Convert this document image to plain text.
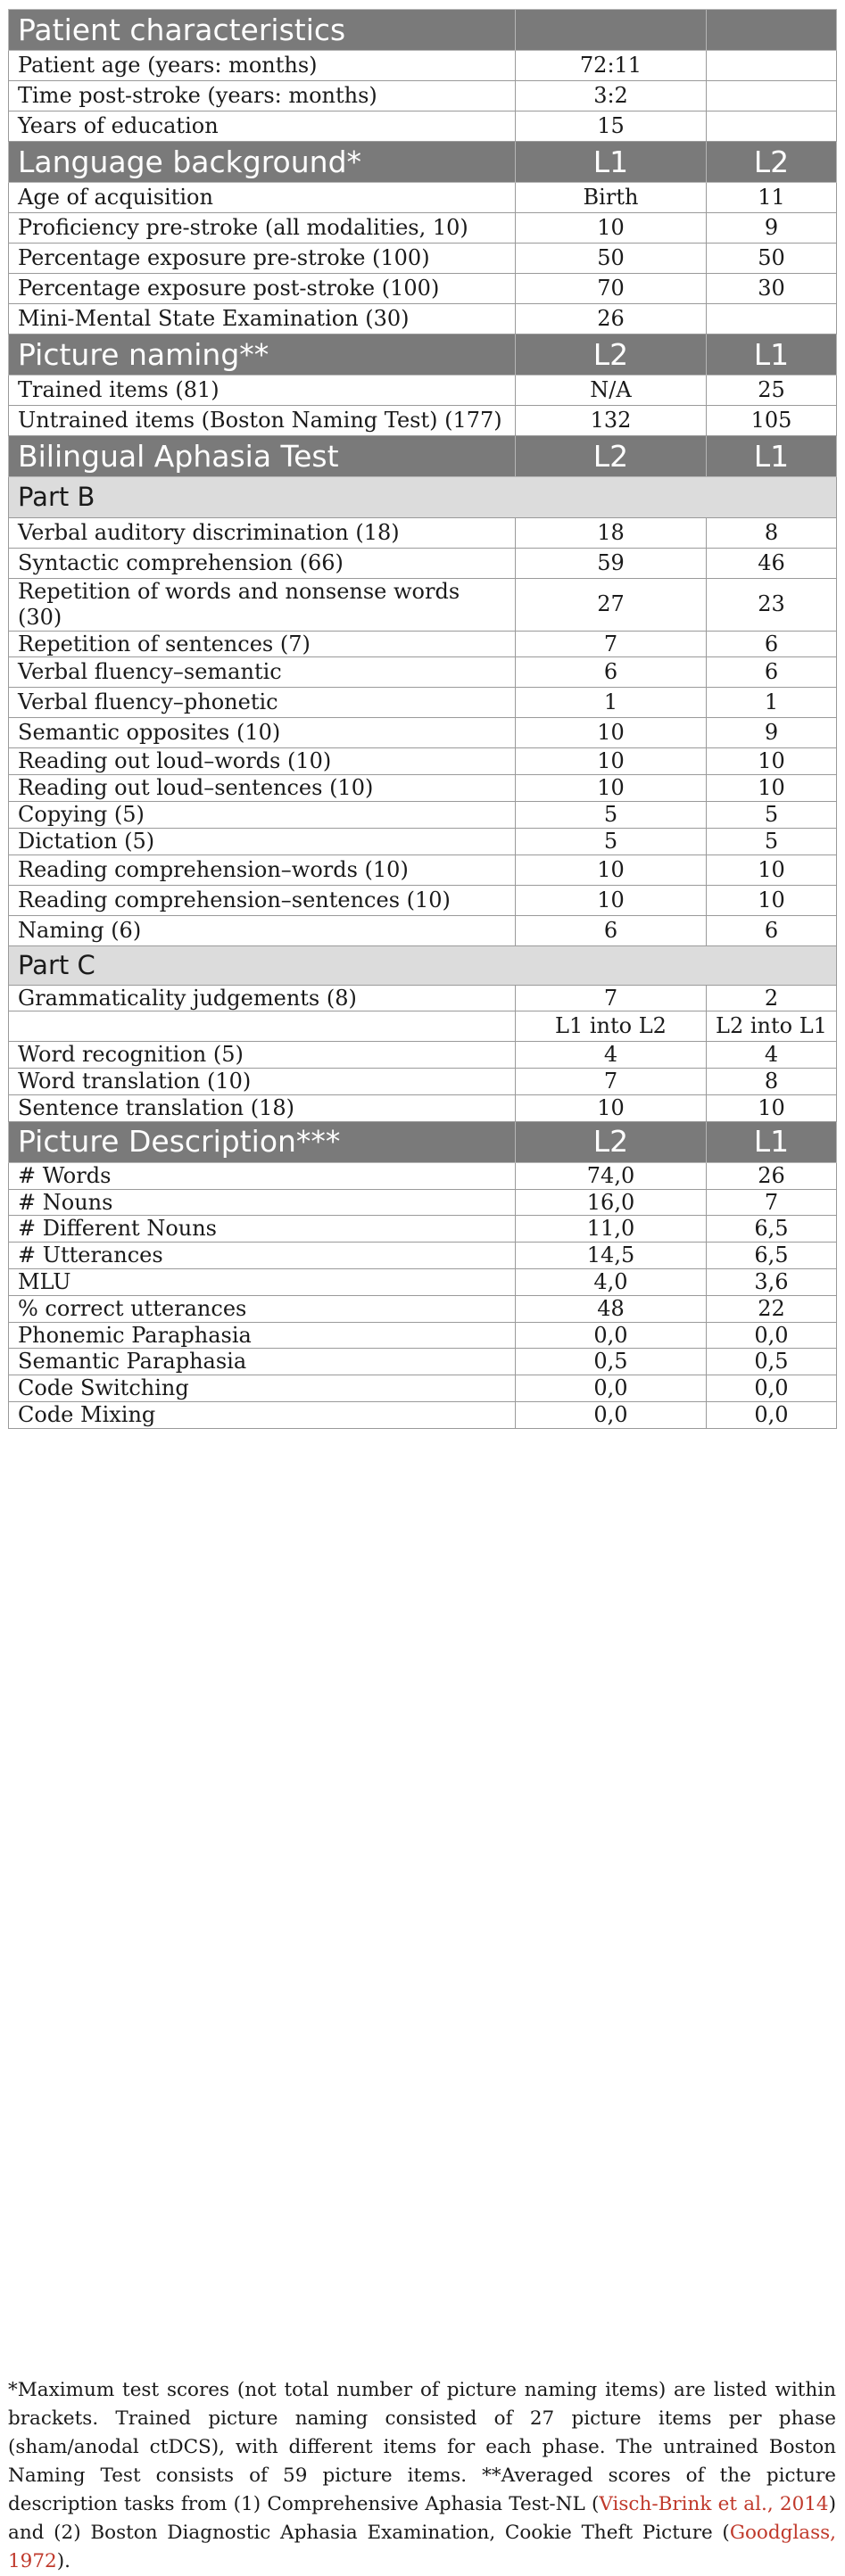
Patient characteristics		
Patient age (years: months)	72:11	
Time post-stroke (years: months)	3:2	
Years of education	15	
Language background*	L1	L2
Age of acquisition	Birth	11
Proficiency pre-stroke (all modalities, 10)	10	9
Percentage exposure pre-stroke (100)	50	50
Percentage exposure post-stroke (100)	70	30
Mini-Mental State Examination (30)	26	
Picture naming**	L2	L1
Trained items (81)	N/A	25
Untrained items (Boston Naming Test) (177)	132	105
Bilingual Aphasia Test	L2	L1
Part B		
Verbal auditory discrimination (18)	18	8
Syntactic comprehension (66)	59	46
Repetition of words and nonsense words (30)	27	23
Repetition of sentences (7)	7	6
Verbal fluency–semantic	6	6
Verbal fluency–phonetic	1	1
Semantic opposites (10)	10	9
Reading out loud–words (10)	10	10
Reading out loud–sentences (10)	10	10
Copying (5)	5	5
Dictation (5)	5	5
Reading comprehension–words (10)	10	10
Reading comprehension–sentences (10)	10	10
Naming (6)	6	6
Part C		
Grammaticality judgements (8)	7	2
	L1 into L2	L2 into L1
Word recognition (5)	4	4
Word translation (10)	7	8
Sentence translation (18)	10	10
Picture Description***	L2	L1
# Words	74,0	26
# Nouns	16,0	7
# Different Nouns	11,0	6,5
# Utterances	14,5	6,5
MLU	4,0	3,6
% correct utterances	48	22
Phonemic Paraphasia	0,0	0,0
Semantic Paraphasia	0,5	0,5
Code Switching	0,0	0,0
Code Mixing	0,0	0,0
*Maximum test scores (not total number of picture naming items) are listed within brackets. Trained picture naming consisted of 27 picture items per phase (sham/anodal ctDCS), with different items for each phase. The untrained Boston Naming Test consists of 59 picture items. **Averaged scores of the picture description tasks from (1) Comprehensive Aphasia Test-NL (Visch-Brink et al., 2014) and (2) Boston Diagnostic Aphasia Examination, Cookie Theft Picture (Goodglass, 1972).
